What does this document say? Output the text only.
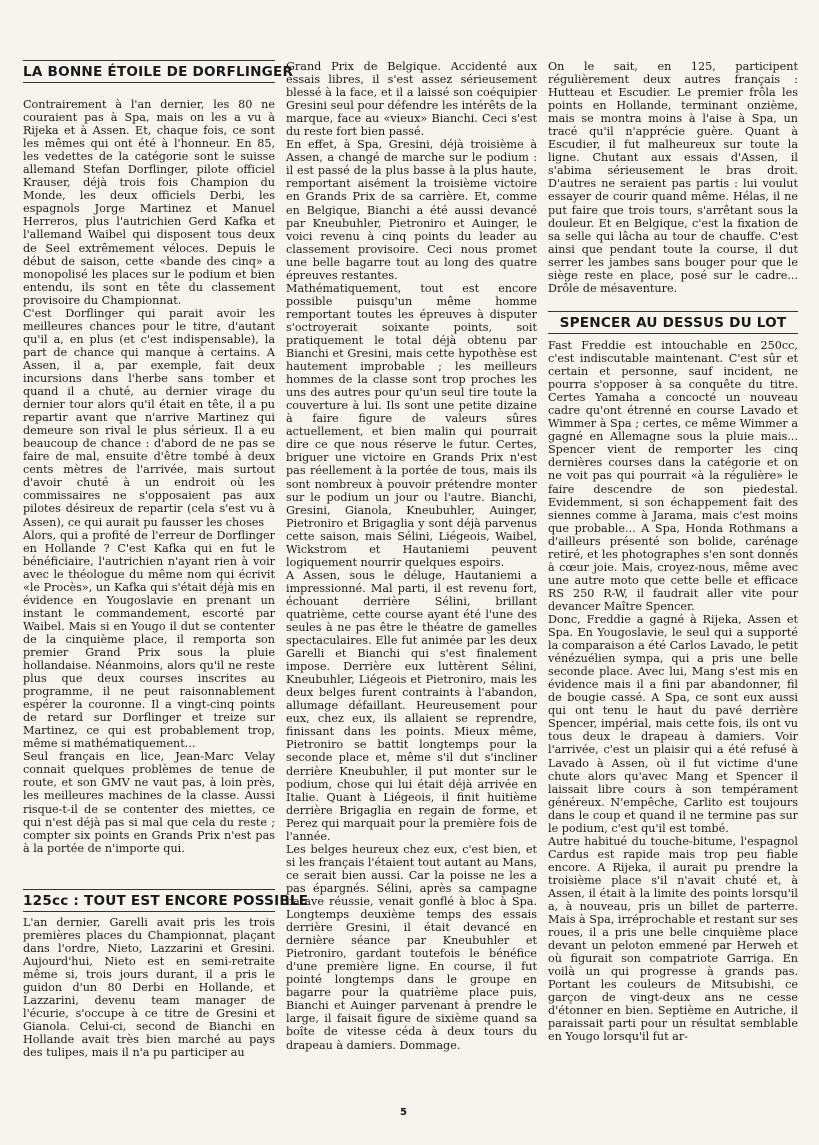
LA BONNE ÉTOILE DE DORFLINGER

Contrairement à l'an dernier, les 80 ne couraient pas à Spa, mais on les a vu à Rijeka et à Assen. Et, chaque fois, ce sont les mêmes qui ont été à l'honneur. En 85, les vedettes de la catégorie sont le suisse allemand Stefan Dorflinger, pilote officiel Krauser, déjà trois fois Champion du Monde, les deux officiels Derbi, les espagnols Jorge Martinez et Manuel Herreros, plus l'autrichien Gerd Kafka et l'allemand Waibel qui disposent tous deux de Seel extrêmement véloces. Depuis le début de saison, cette «bande des cinq» a monopolisé les places sur le podium et bien entendu, ils sont en tête du classement provisoire du Championnat.

C'est Dorflinger qui parait avoir les meilleures chances pour le titre, d'autant qu'il a, en plus (et c'est indispensable), la part de chance qui manque à certains. A Assen, il a, par exemple, fait deux incursions dans l'herbe sans tomber et quand il a chuté, au dernier virage du dernier tour alors qu'il était en tête, il a pu repartir avant que n'arrive Martinez qui demeure son rival le plus sérieux. Il a eu beaucoup de chance : d'abord de ne pas se faire de mal, ensuite d'être tombé à deux cents mètres de l'arrivée, mais surtout d'avoir chuté à un endroit où les commissaires ne s'opposaient pas aux pilotes désireux de repartir (cela s'est vu à Assen), ce qui aurait pu fausser les choses

Alors, qui a profité de l'erreur de Dorflinger en Hollande ? C'est Kafka qui en fut le bénéficiaire, l'autrichien n'ayant rien à voir avec le théologue du même nom qui écrivit «le Procès», un Kafka qui s'était déjà mis en évidence en Yougoslavie en prenant un instant le commandement, escorté par Waibel. Mais si en Yougo il dut se contenter de la cinquième place, il remporta son premier Grand Prix sous la pluie hollandaise. Néanmoins, alors qu'il ne reste plus que deux courses inscrites au programme, il ne peut raisonnablement espérer la couronne. Il a vingt-cinq points de retard sur Dorflinger et treize sur Martinez, ce qui est probablement trop, même si mathématiquement...

Seul français en lice, Jean-Marc Velay connait quelques problèmes de tenue de route, et son GMV ne vaut pas, à loin près, les meilleures machines de la classe. Aussi risque-t-il de se contenter des miettes, ce qui n'est déjà pas si mal que cela du reste ; compter six points en Grands Prix n'est pas à la portée de n'importe qui.

125cc : TOUT EST ENCORE POSSIBLE

L'an dernier, Garelli avait pris les trois premières places du Championnat, plaçant dans l'ordre, Nieto, Lazzarini et Gresini. Aujourd'hui, Nieto est en semi-retraite même si, trois jours durant, il a pris le guidon d'un 80 Derbi en Hollande, et Lazzarini, devenu team manager de l'écurie, s'occupe à ce titre de Gresini et Gianola. Celui-ci, second de Bianchi en Hollande avait très bien marché au pays des tulipes, mais il n'a pu participer au

Grand Prix de Belgique. Accidenté aux essais libres, il s'est assez sérieusement blessé à la face, et il a laissé son coéquipier Gresini seul pour défendre les intérêts de la marque, face au «vieux» Bianchi. Ceci s'est du reste fort bien passé.

En effet, à Spa, Gresini, déjà troisième à Assen, a changé de marche sur le podium : il est passé de la plus basse à la plus haute, remportant aisément la troisième victoire en Grands Prix de sa carrière. Et, comme en Belgique, Bianchi a été aussi devancé par Kneubuhler, Pietroniro et Auinger, le voici revenu à cinq points du leader au classement provisoire. Ceci nous promet une belle bagarre tout au long des quatre épreuves restantes.

Mathématiquement, tout est encore possible puisqu'un même homme remportant toutes les épreuves à disputer s'octroyerait soixante points, soit pratiquement le total déjà obtenu par Bianchi et Gresini, mais cette hypothèse est hautement improbable ; les meilleurs hommes de la classe sont trop proches les uns des autres pour qu'un seul tire toute la couverture à lui. Ils sont une petite dizaine à faire figure de valeurs sûres actuellement, et bien malin qui pourrait dire ce que nous réserve le futur. Certes, briguer une victoire en Grands Prix n'est pas réellement à la portée de tous, mais ils sont nombreux à pouvoir prétendre monter sur le podium un jour ou l'autre. Bianchi, Gresini, Gianola, Kneubuhler, Auinger, Pietroniro et Brigaglia y sont déjà parvenus cette saison, mais Sélini, Liégeois, Waibel, Wickstrom et Hautaniemi peuvent logiquement nourrir quelques espoirs.

A Assen, sous le déluge, Hautaniemi a impressionné. Mal parti, il est revenu fort, échouant derrière Sélini, brillant quatrième, cette course ayant été l'une des seules à ne pas être le théatre de gamelles spectaculaires. Elle fut animée par les deux Garelli et Bianchi qui s'est finalement impose. Derrière eux luttèrent Sélini, Kneubuhler, Liégeois et Pietroniro, mais les deux belges furent contraints à l'abandon, allumage défaillant. Heureusement pour eux, chez eux, ils allaient se reprendre, finissant dans les points. Mieux même, Pietroniro se battit longtemps pour la seconde place et, même s'il dut s'incliner derrière Kneubuhler, il put monter sur le podium, chose qui lui était déjà arrivée en Italie. Quant à Liégeois, il finit huitième derrière Brigaglia en regain de forme, et Perez qui marquait pour la première fois de l'année.

Les belges heureux chez eux, c'est bien, et si les français l'étaient tout autant au Mans, ce serait bien aussi. Car la poisse ne les a pas épargnés. Sélini, après sa campagne batave réussie, venait gonflé à bloc à Spa. Longtemps deuxième temps des essais derrière Gresini, il était devancé en dernière séance par Kneubuhler et Pietroniro, gardant toutefois le bénéfice d'une première ligne. En course, il fut pointé longtemps dans le groupe en bagarre pour la quatrième place puis, Bianchi et Auinger parvenant à prendre le large, il faisait figure de sixième quand sa boîte de vitesse céda à deux tours du drapeau à damiers. Dommage.

On le sait, en 125, participent régulièrement deux autres français : Hutteau et Escudier. Le premier frôla les points en Hollande, terminant onzième, mais se montra moins à l'aise à Spa, un tracé qu'il n'apprécie guère. Quant à Escudier, il fut malheureux sur toute la ligne. Chutant aux essais d'Assen, il s'abima sérieusement le bras droit. D'autres ne seraient pas partis : lui voulut essayer de courir quand même. Hélas, il ne put faire que trois tours, s'arrêtant sous la douleur. Et en Belgique, c'est la fixation de sa selle qui lâcha au tour de chauffe. C'est ainsi que pendant toute la course, il dut serrer les jambes sans bouger pour que le siège reste en place, posé sur le cadre... Drôle de mésaventure.

SPENCER AU DESSUS DU LOT

Fast Freddie est intouchable en 250cc, c'est indiscutable maintenant. C'est sûr et certain et personne, sauf incident, ne pourra s'opposer à sa conquête du titre. Certes Yamaha a concocté un nouveau cadre qu'ont étrenné en course Lavado et Wimmer à Spa ; certes, ce même Wimmer a gagné en Allemagne sous la pluie mais... Spencer vient de remporter les cinq dernières courses dans la catégorie et on ne voit pas qui pourrait «à la régulière» le faire descendre de son piedestal. Evidemment, si son échappement fait des siennes comme à Jarama, mais c'est moins que probable... A Spa, Honda Rothmans a d'ailleurs présenté son bolide, carénage retiré, et les photographes s'en sont donnés à cœur joie. Mais, croyez-nous, même avec une autre moto que cette belle et efficace RS 250 R-W, il faudrait aller vite pour devancer Maître Spencer.

Donc, Freddie a gagné à Rijeka, Assen et Spa. En Yougoslavie, le seul qui a supporté la comparaison a été Carlos Lavado, le petit vénézuélien sympa, qui a pris une belle seconde place. Avec lui, Mang s'est mis en évidence mais il a fini par abandonner, fil de bougie cassé. A Spa, ce sont eux aussi qui ont tenu le haut du pavé derrière Spencer, impérial, mais cette fois, ils ont vu tous deux le drapeau à damiers. Voir l'arrivée, c'est un plaisir qui a été refusé à Lavado à Assen, où il fut victime d'une chute alors qu'avec Mang et Spencer il laissait libre cours à son tempérament généreux. N'empêche, Carlito est toujours dans le coup et quand il ne termine pas sur le podium, c'est qu'il est tombé.

Autre habitué du touche-bitume, l'espagnol Cardus est rapide mais trop peu fiable encore. A Rijeka, il aurait pu prendre la troisième place s'il n'avait chuté et, à Assen, il était à la limite des points lorsqu'il a, à nouveau, pris un billet de parterre. Mais à Spa, irréprochable et restant sur ses roues, il a pris une belle cinquième place devant un peloton emmené par Herweh et où figurait son compatriote Garriga. En voilà un qui progresse à grands pas. Portant les couleurs de Mitsubishi, ce garçon de vingt-deux ans ne cesse d'étonner en bien. Septième en Autriche, il paraissait parti pour un résultat semblable en Yougo lorsqu'il fut ar-

5
